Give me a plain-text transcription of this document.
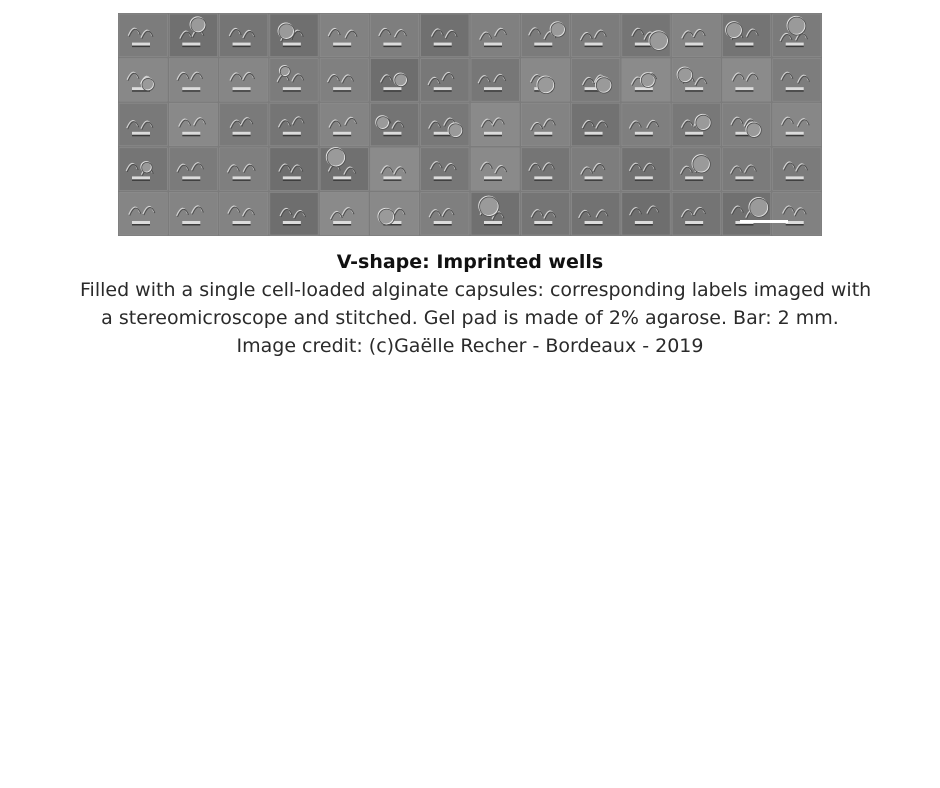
V-shape: Imprinted wells

Filled with a single cell-loaded alginate capsules: corresponding labels imaged with

a stereomicroscope and stitched. Gel pad is made of 2% agarose. Bar: 2 mm.

Image credit: (c)Gaëlle Recher - Bordeaux - 2019
